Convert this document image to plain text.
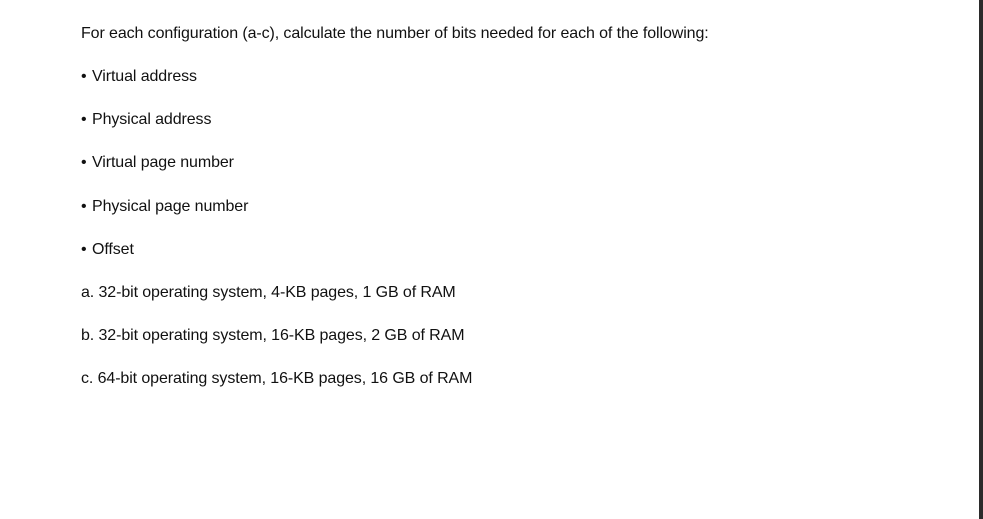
For each configuration (a-c), calculate the number of bits needed for each of the following:

• Virtual address

• Physical address

• Virtual page number

• Physical page number

• Offset

a. 32-bit operating system, 4-KB pages, 1 GB of RAM

b. 32-bit operating system, 16-KB pages, 2 GB of RAM

c. 64-bit operating system, 16-KB pages, 16 GB of RAM
